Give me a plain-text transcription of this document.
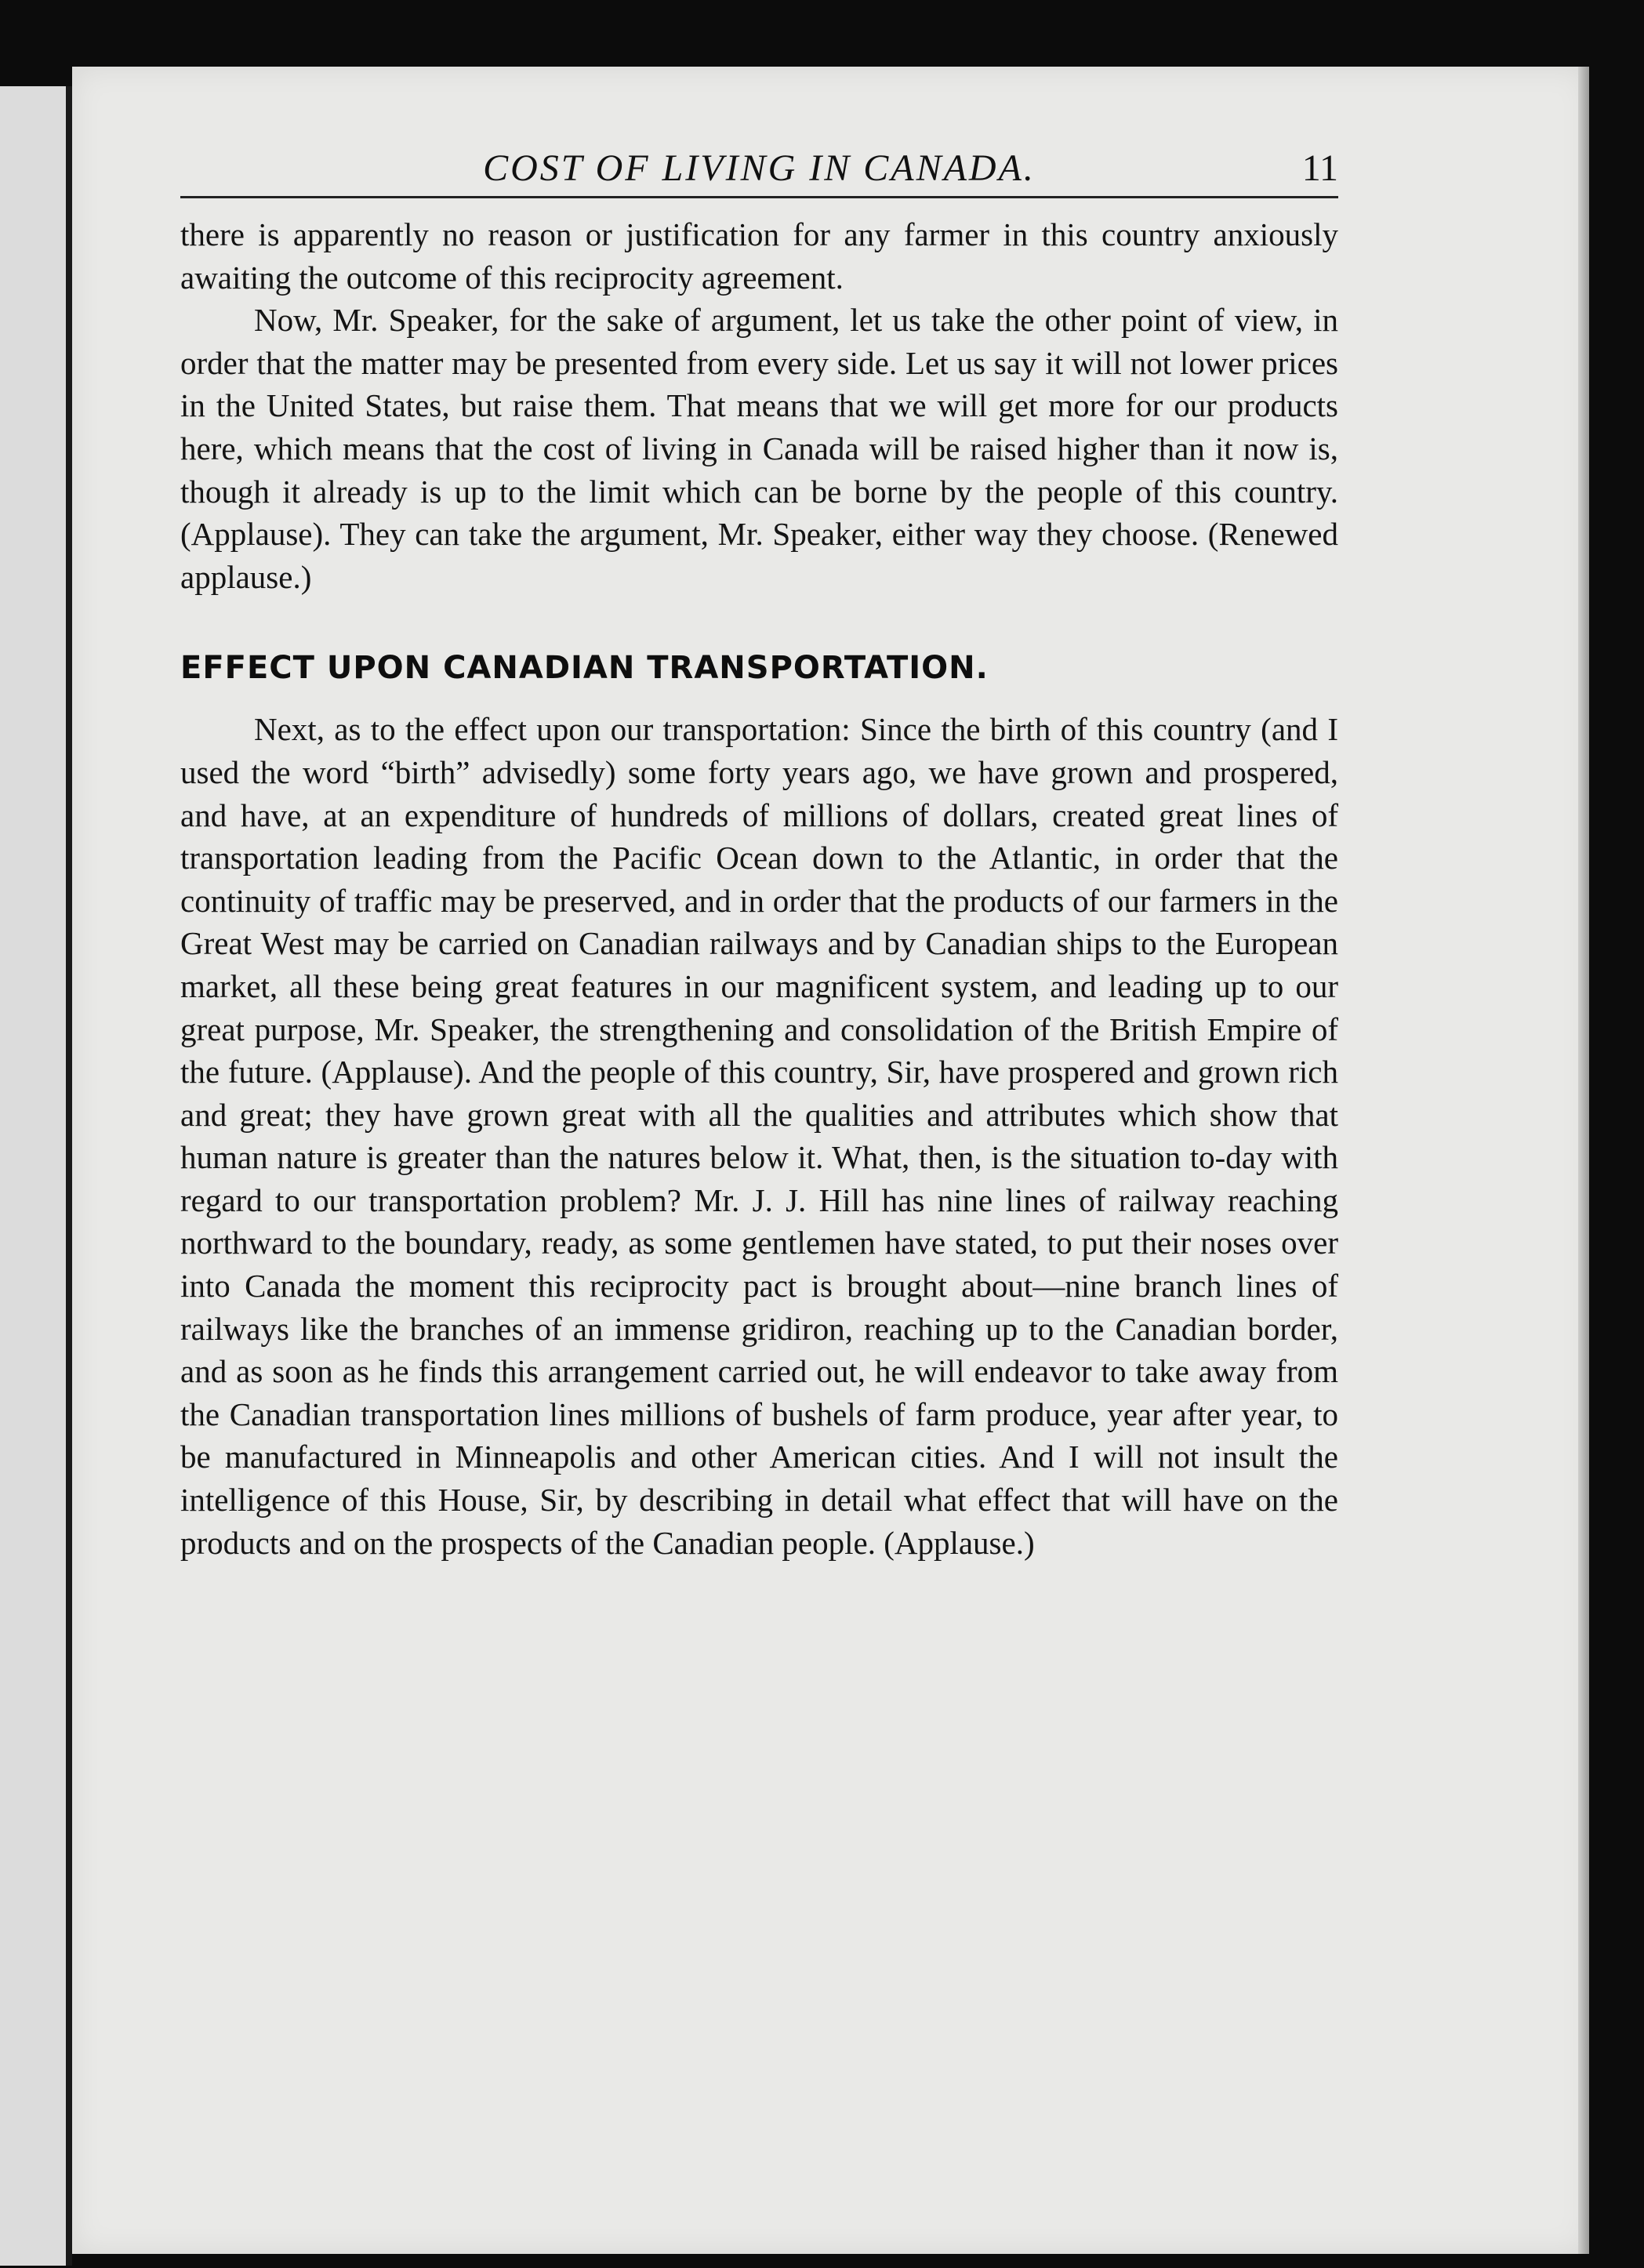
COST OF LIVING IN CANADA.	11

there is apparently no reason or justification for any farmer in this country anxiously awaiting the outcome of this reciprocity agreement.

Now, Mr. Speaker, for the sake of argument, let us take the other point of view, in order that the matter may be presented from every side. Let us say it will not lower prices in the United States, but raise them. That means that we will get more for our products here, which means that the cost of living in Canada will be raised higher than it now is, though it already is up to the limit which can be borne by the people of this country. (Applause). They can take the argument, Mr. Speaker, either way they choose. (Renewed applause.)

EFFECT UPON CANADIAN TRANSPORTATION.

Next, as to the effect upon our transportation: Since the birth of this country (and I used the word “birth” advisedly) some forty years ago, we have grown and prospered, and have, at an expenditure of hundreds of millions of dollars, created great lines of transportation leading from the Pacific Ocean down to the Atlantic, in order that the continuity of traffic may be preserved, and in order that the products of our farmers in the Great West may be carried on Canadian railways and by Canadian ships to the European market, all these being great features in our magnificent system, and leading up to our great purpose, Mr. Speaker, the strengthening and consolidation of the British Empire of the future. (Applause). And the people of this country, Sir, have prospered and grown rich and great; they have grown great with all the qualities and attributes which show that human nature is greater than the natures below it. What, then, is the situation to-day with regard to our transportation problem? Mr. J. J. Hill has nine lines of railway reaching northward to the boundary, ready, as some gentlemen have stated, to put their noses over into Canada the moment this reciprocity pact is brought about—nine branch lines of railways like the branches of an immense gridiron, reaching up to the Canadian border, and as soon as he finds this arrangement carried out, he will endeavor to take away from the Canadian transportation lines millions of bushels of farm produce, year after year, to be manufactured in Minneapolis and other American cities. And I will not insult the intelligence of this House, Sir, by describing in detail what effect that will have on the products and on the prospects of the Canadian people. (Applause.)
